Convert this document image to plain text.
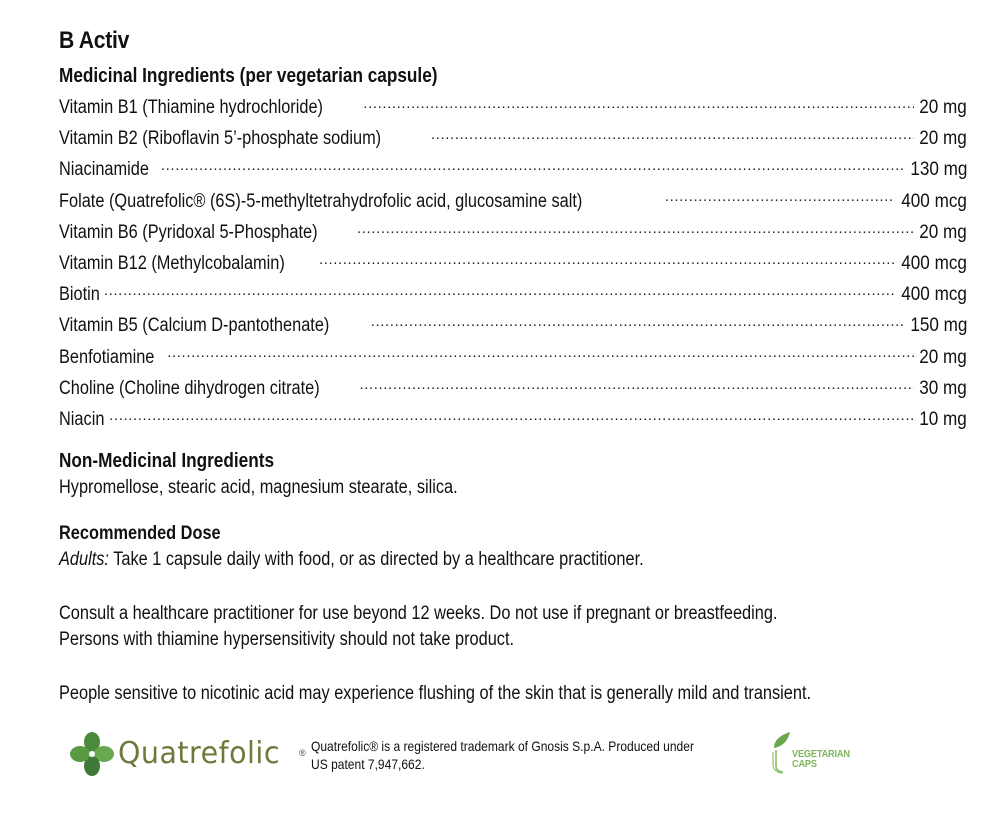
B Activ
Medicinal Ingredients (per vegetarian capsule)
Vitamin B1 (Thiamine hydrochloride) .....	20 mg
Vitamin B2 (Riboflavin 5’-phosphate sodium) .....	20 mg
Niacinamide .....	130 mg
Folate (Quatrefolic® (6S)-5-methyltetrahydrofolic acid, glucosamine salt) .....	400 mcg
Vitamin B6 (Pyridoxal 5-Phosphate) .....	20 mg
Vitamin B12 (Methylcobalamin) .....	400 mcg
Biotin .....	400 mcg
Vitamin B5 (Calcium D-pantothenate) .....	150 mg
Benfotiamine .....	20 mg
Choline (Choline dihydrogen citrate) .....	30 mg
Niacin .....	10 mg
Non-Medicinal Ingredients

Hypromellose, stearic acid, magnesium stearate, silica.

Recommended Dose

Adults: Take 1 capsule daily with food, or as directed by a healthcare practitioner.

Consult a healthcare practitioner for use beyond 12 weeks. Do not use if pregnant or breastfeeding.

Persons with thiamine hypersensitivity should not take product.

People sensitive to nicotinic acid may experience flushing of the skin that is generally mild and transient.

Quatrefolic ® Quatrefolic® is a registered trademark of Gnosis S.p.A. Produced under US patent 7,947,662.
VEGETARIAN
CAPS
